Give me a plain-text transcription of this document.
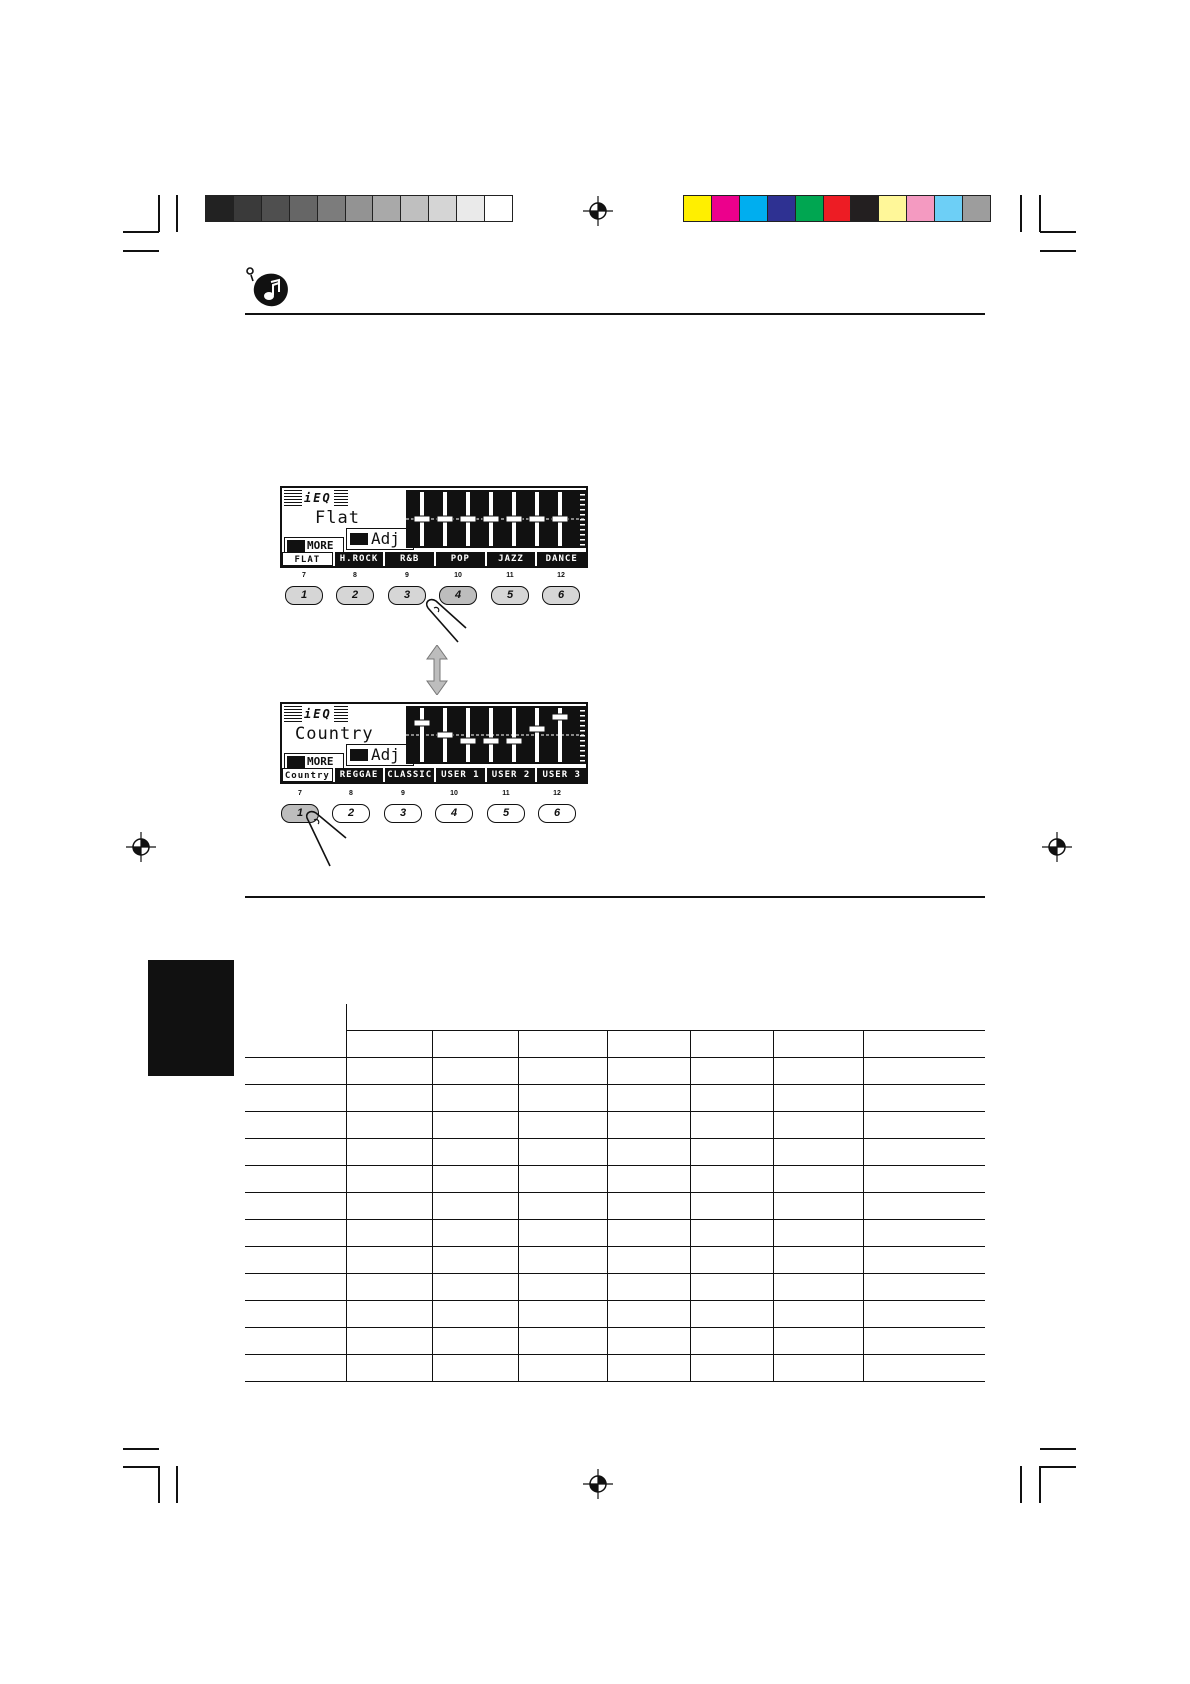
iEQ
Flat
MORE	Adj
FLAT	H.ROCK	R&B	POP	JAZZ	DANCE
7	8	9	10	11	12
1	2	3	4	5	6
iEQ
Country
MORE	Adj
Country	REGGAE CLASSIC USER 1	USER 2	USER 3
7	8	9	10	11	12
1	2	3	4	5	6
